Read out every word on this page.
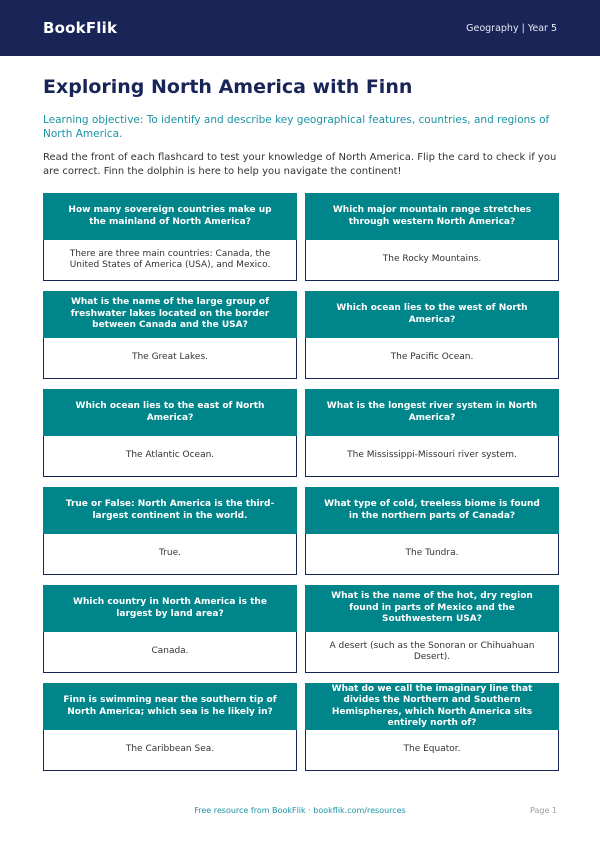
BookFlik	Geography | Year 5
Exploring North America with Finn
Learning objective: To identify and describe key geographical features, countries, and regions of North America.
Read the front of each flashcard to test your knowledge of North America. Flip the card to check if you are correct. Finn the dolphin is here to help you navigate the continent!
How many sovereign countries make up the mainland of North America?
There are three main countries: Canada, the United States of America (USA), and Mexico.
Which major mountain range stretches through western North America?
The Rocky Mountains.
What is the name of the large group of freshwater lakes located on the border between Canada and the USA?
The Great Lakes.
Which ocean lies to the west of North America?
The Pacific Ocean.
Which ocean lies to the east of North America?
The Atlantic Ocean.
What is the longest river system in North America?
The Mississippi-Missouri river system.
True or False: North America is the third-largest continent in the world.
True.
What type of cold, treeless biome is found in the northern parts of Canada?
The Tundra.
Which country in North America is the largest by land area?
Canada.
What is the name of the hot, dry region found in parts of Mexico and the Southwestern USA?
A desert (such as the Sonoran or Chihuahuan Desert).
Finn is swimming near the southern tip of North America; which sea is he likely in?
The Caribbean Sea.
What do we call the imaginary line that divides the Northern and Southern Hemispheres, which North America sits entirely north of?
The Equator.
Free resource from BookFlik · bookflik.com/resources	Page 1
